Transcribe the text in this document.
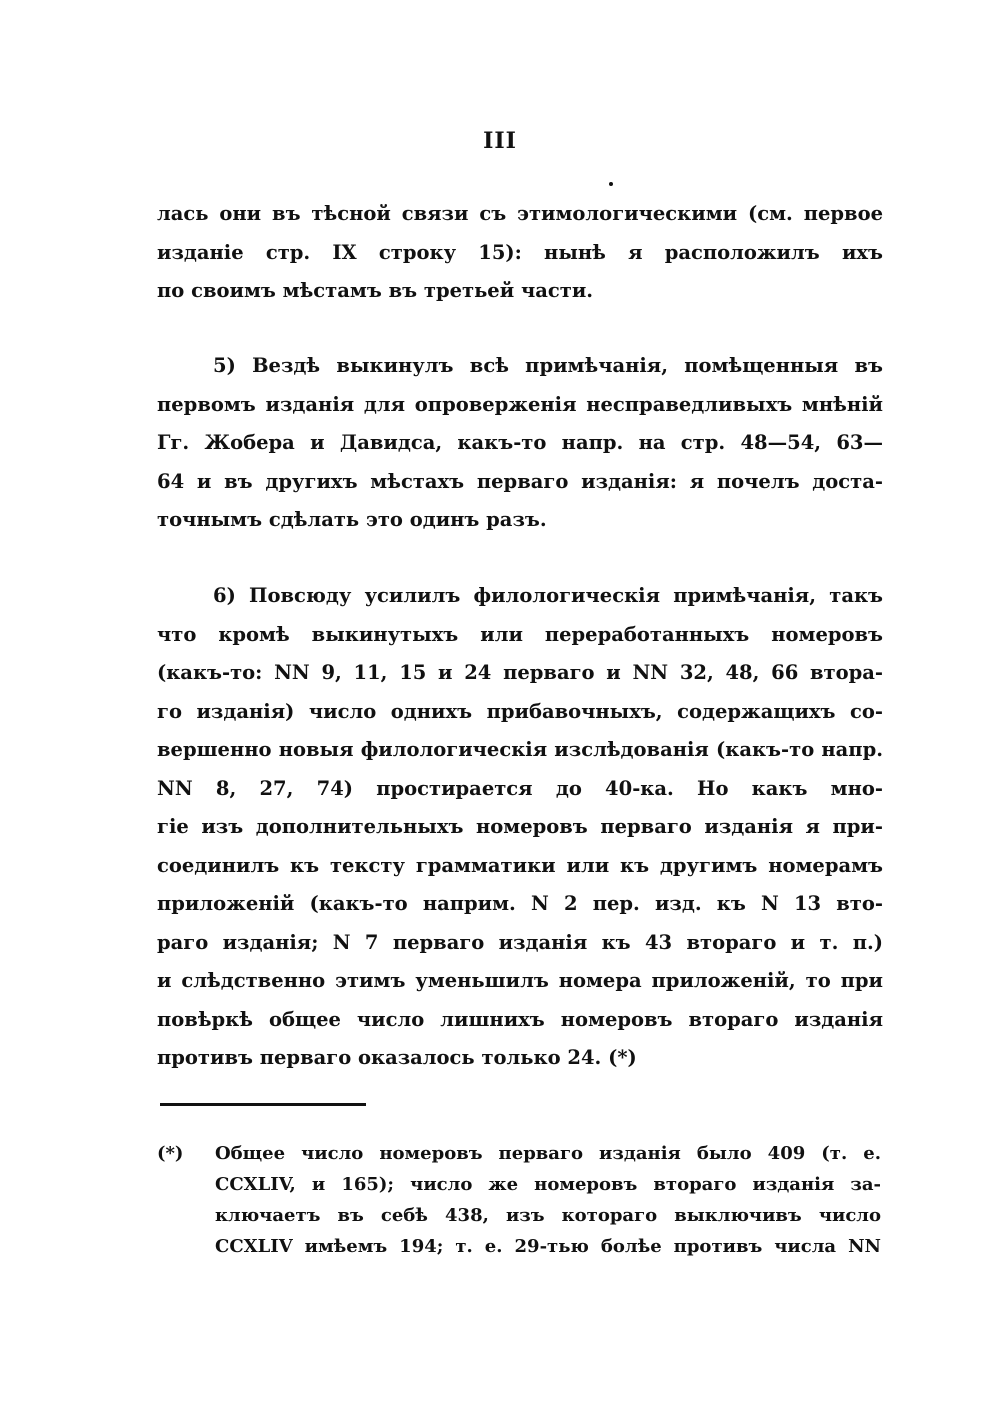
III
лась они въ тѣсной связи съ этимологическими (см. первое
изданіе стр. IX строку 15): нынѣ я расположилъ ихъ
по своимъ мѣстамъ въ третьей части.
5) Вездѣ выкинулъ всѣ примѣчанія, помѣщенныя въ
первомъ изданія для опроверженія несправедливыхъ мнѣній
Гг. Жобера и Давидса, какъ-то напр. на стр. 48—54, 63—
64 и въ другихъ мѣстахъ перваго изданія: я почелъ доста-
точнымъ сдѣлать это одинъ разъ.
6) Повсюду усилилъ филологическія примѣчанія, такъ
что кромѣ выкинутыхъ или переработанныхъ номеровъ
(какъ-то: NN 9, 11, 15 и 24 перваго и NN 32, 48, 66 втора-
го изданія) число однихъ прибавочныхъ, содержащихъ со-
вершенно новыя филологическія изслѣдованія (какъ-то напр.
NN 8, 27, 74) простирается до 40-ка. Но какъ мно-
гіе изъ дополнительныхъ номеровъ перваго изданія я при-
соединилъ къ тексту грамматики или къ другимъ номерамъ
приложеній (какъ-то наприм. N 2 пер. изд. къ N 13 вто-
раго изданія; N 7 перваго изданія къ 43 втораго и т. п.)
и слѣдственно этимъ уменьшилъ номера приложеній, то при
повѣркѣ общее число лишнихъ номеровъ втораго изданія
противъ перваго оказалось только 24. (*)
(*) Общее число номеровъ перваго изданія было 409 (т. е.
CCXLIV, и 165); число же номеровъ втораго изданія за-
ключаетъ въ себѣ 438, изъ котораго выключивъ число
CCXLIV имѣемъ 194; т. е. 29-тью болѣе противъ числа NN
